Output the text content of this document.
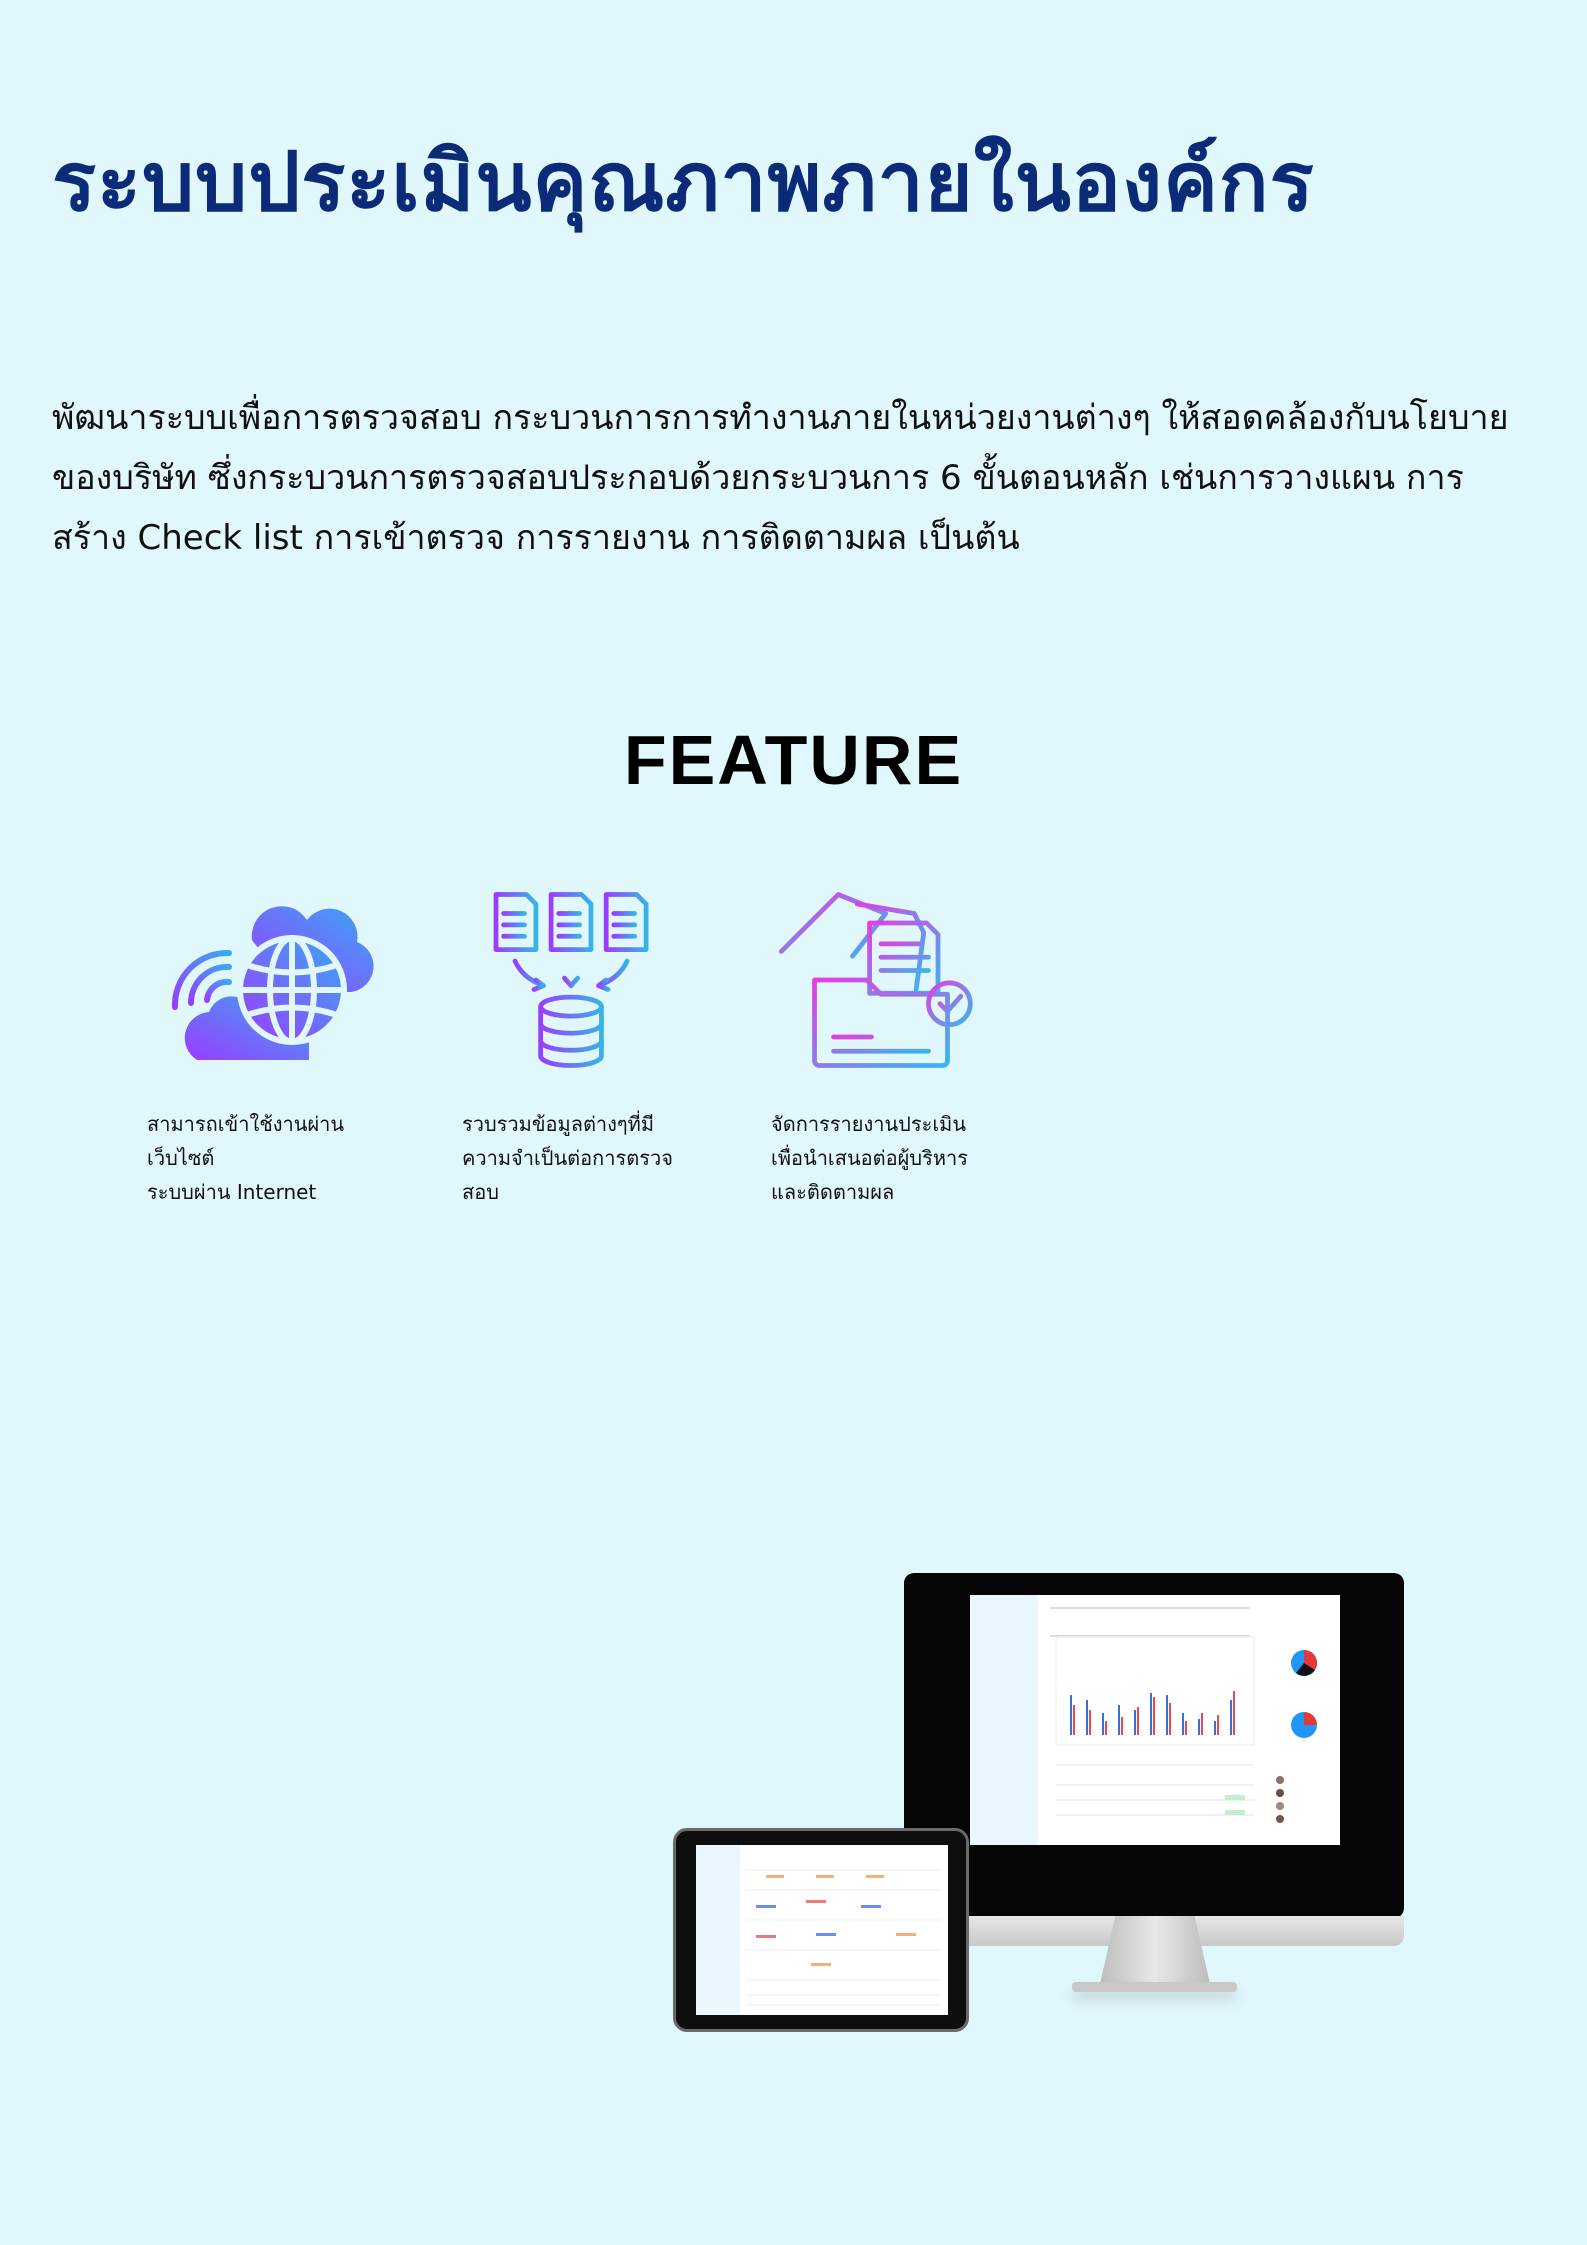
ระบบประเมินคุณภาพภายในองค์กร
พัฒนาระบบเพื่อการตรวจสอบ กระบวนการการทำงานภายในหน่วยงานต่างๆ ให้สอดคล้องกับนโยบาย
ของบริษัท ซึ่งกระบวนการตรวจสอบประกอบด้วยกระบวนการ 6 ขั้นตอนหลัก เช่นการวางแผน การ
สร้าง Check list การเข้าตรวจ การรายงาน การติดตามผล เป็นต้น
FEATURE
สามารถเข้าใช้งานผ่านเว็บไซต์
ระบบผ่าน Internet
รวบรวมข้อมูลต่างๆที่มี
ความจำเป็นต่อการตรวจ
สอบ
จัดการรายงานประเมิน
เพื่อนำเสนอต่อผู้บริหาร
และติดตามผล
